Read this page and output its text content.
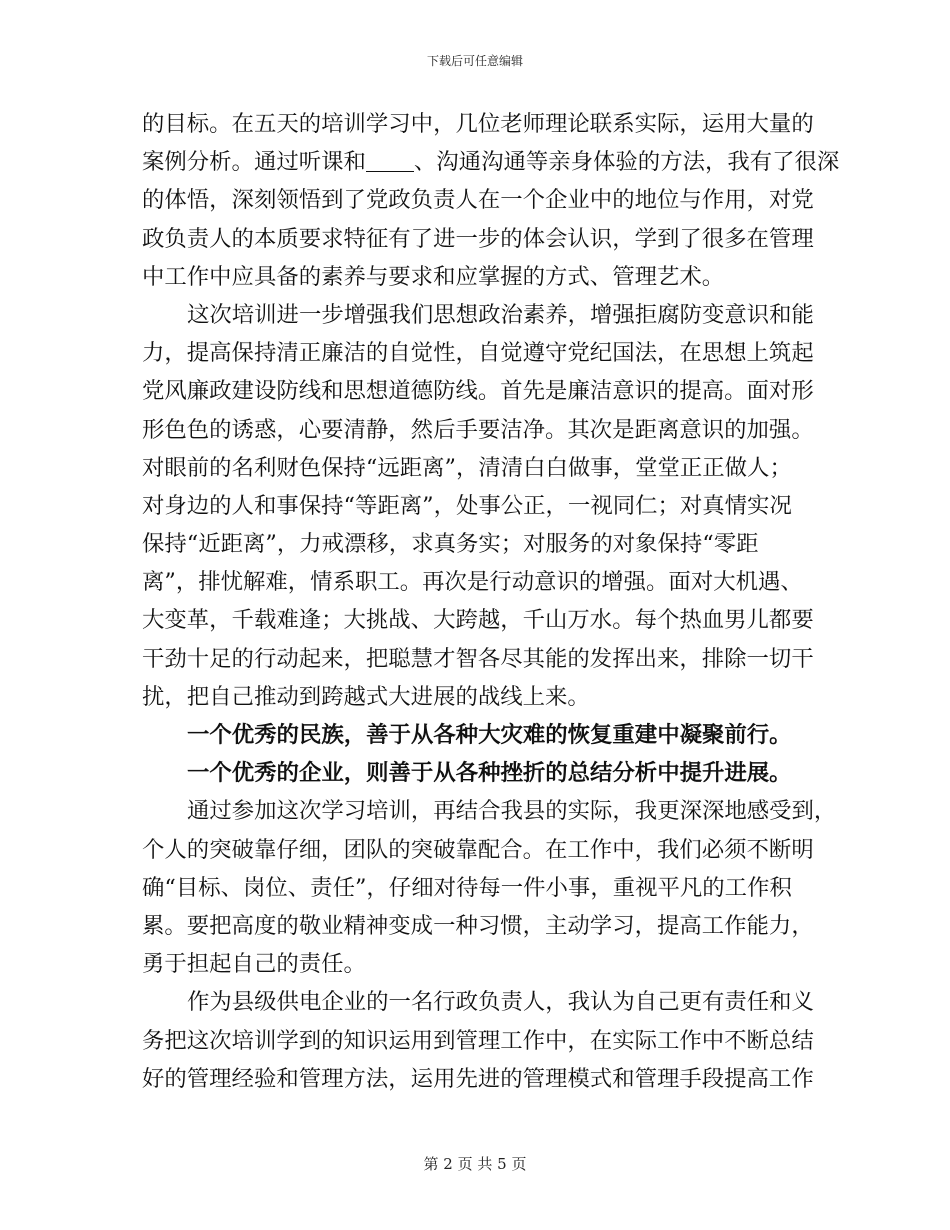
下载后可任意编辑
的目标。在五天的培训学习中，几位老师理论联系实际，运用大量的
案例分析。通过听课和 、沟通沟通等亲身体验的方法，我有了很深
的体悟，深刻领悟到了党政负责人在一个企业中的地位与作用，对党
政负责人的本质要求特征有了进一步的体会认识，学到了很多在管理
中工作中应具备的素养与要求和应掌握的方式、管理艺术。
这次培训进一步增强我们思想政治素养，增强拒腐防变意识和能
力，提高保持清正廉洁的自觉性，自觉遵守党纪国法，在思想上筑起
党风廉政建设防线和思想道德防线。首先是廉洁意识的提高。面对形
形色色的诱惑，心要清静，然后手要洁净。其次是距离意识的加强。
对眼前的名利财色保持“远距离”，清清白白做事，堂堂正正做人；
对身边的人和事保持“等距离”，处事公正，一视同仁；对真情实况
保持“近距离”，力戒漂移，求真务实；对服务的对象保持“零距
离”，排忧解难，情系职工。再次是行动意识的增强。面对大机遇、
大变革，千载难逢；大挑战、大跨越，千山万水。每个热血男儿都要
干劲十足的行动起来，把聪慧才智各尽其能的发挥出来，排除一切干
扰，把自己推动到跨越式大进展的战线上来。
一个优秀的民族，善于从各种大灾难的恢复重建中凝聚前行。
一个优秀的企业，则善于从各种挫折的总结分析中提升进展。
通过参加这次学习培训，再结合我县的实际，我更深深地感受到，
个人的突破靠仔细，团队的突破靠配合。在工作中，我们必须不断明
确“目标、岗位、责任”，仔细对待每一件小事，重视平凡的工作积
累。要把高度的敬业精神变成一种习惯，主动学习，提高工作能力，
勇于担起自己的责任。
作为县级供电企业的一名行政负责人，我认为自己更有责任和义
务把这次培训学到的知识运用到管理工作中，在实际工作中不断总结
好的管理经验和管理方法，运用先进的管理模式和管理手段提高工作
第 2 页 共 5 页
